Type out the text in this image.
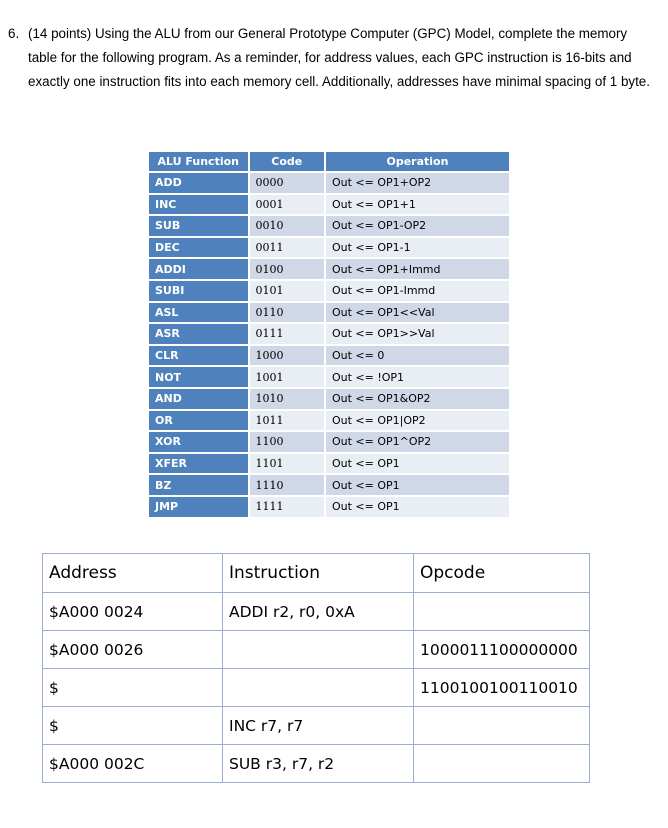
6. (14 points) Using the ALU from our General Prototype Computer (GPC) Model, complete the memory table for the following program. As a reminder, for address values, each GPC instruction is 16-bits and exactly one instruction fits into each memory cell. Additionally, addresses have minimal spacing of 1 byte.
ALU Function	Code	Operation
ADD	0000	Out <= OP1+OP2
INC	0001	Out <= OP1+1
SUB	0010	Out <= OP1-OP2
DEC	0011	Out <= OP1-1
ADDI	0100	Out <= OP1+Immd
SUBI	0101	Out <= OP1-Immd
ASL	0110	Out <= OP1<<Val
ASR	0111	Out <= OP1>>Val
CLR	1000	Out <= 0
NOT	1001	Out <= !OP1
AND	1010	Out <= OP1&OP2
OR	1011	Out <= OP1|OP2
XOR	1100	Out <= OP1^OP2
XFER	1101	Out <= OP1
BZ	1110	Out <= OP1
JMP	1111	Out <= OP1
Address	Instruction	Opcode
$A000 0024	ADDI r2, r0, 0xA	
$A000 0026		1000011100000000
$		1100100100110010
$	INC r7, r7	
$A000 002C	SUB r3, r7, r2	
